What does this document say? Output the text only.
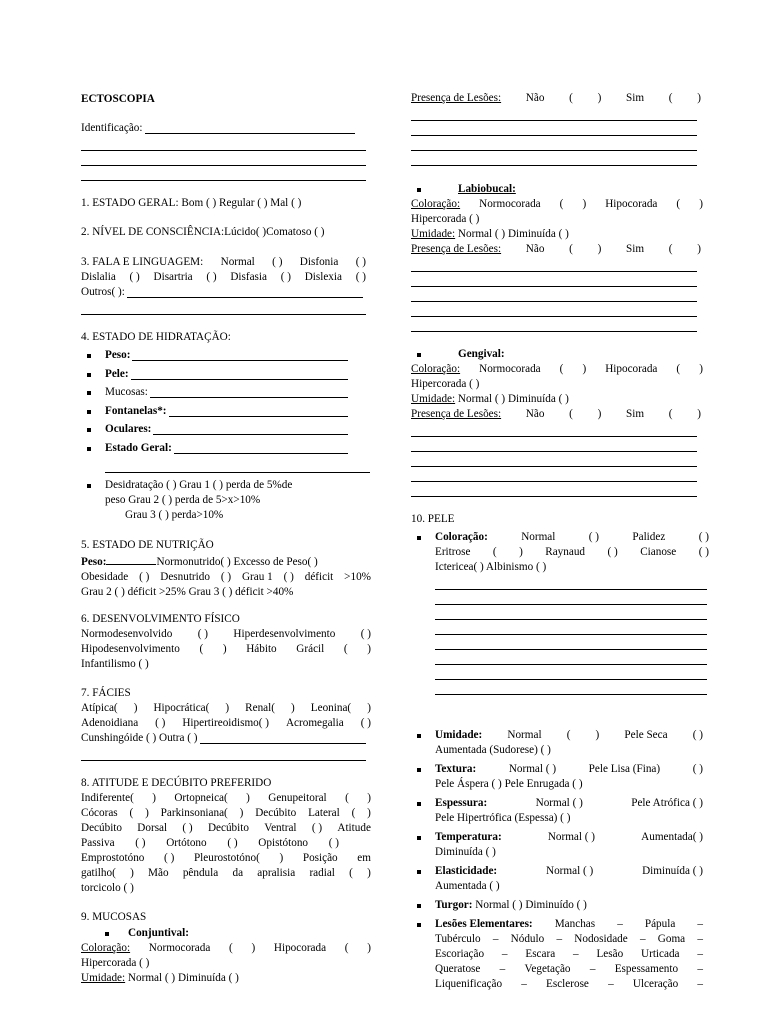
ECTOSCOPIA
Identificação:
1. ESTADO GERAL: Bom ( ) Regular ( ) Mal ( )
2. NÍVEL DE CONSCIÊNCIA:Lúcido( )Comatoso ( )
3. FALA E LINGUAGEM: Normal ( ) Disfonia ( )
Dislalia ( ) Disartria ( ) Disfasia ( ) Dislexia ( )
Outros( ):
4. ESTADO DE HIDRATAÇÃO:
Peso:
Pele:
Mucosas:
Fontanelas*:
Oculares:
Estado Geral:
Desidratação ( ) Grau 1 ( ) perda de 5%de
peso Grau 2 ( ) perda de 5>x>10%
Grau 3 ( ) perda>10%
5. ESTADO DE NUTRIÇÃO
Peso:	Normonutrido( ) Excesso de Peso( )
Obesidade ( ) Desnutrido ( ) Grau 1 ( ) déficit >10%
Grau 2 ( ) déficit >25% Grau 3 ( ) déficit >40%
6. DESENVOLVIMENTO FÍSICO
Normodesenvolvido ( ) Hiperdesenvolvimento ( )
Hipodesenvolvimento ( ) Hábito Grácil ( )
Infantilismo ( )
7. FÁCIES
Atípica( ) Hipocrática( ) Renal( ) Leonina( )
Adenoidiana ( ) Hipertireoidismo( ) Acromegalia ( )
Cunshingóide ( ) Outra ( )
8. ATITUDE E DECÚBITO PREFERIDO
Indiferente( ) Ortopneica( ) Genupeitoral ( )
Cócoras ( ) Parkinsoniana( ) Decúbito Lateral ( )
Decúbito Dorsal ( ) Decúbito Ventral ( ) Atitude
Passiva ( ) Ortótono ( ) Opistótono ( )
Emprostotóno ( ) Pleurostotóno( ) Posição em
gatilho( ) Mão pêndula da apralisia radial ( )
torcicolo ( )
9. MUCOSAS
Conjuntival:
Coloração: Normocorada ( ) Hipocorada ( )
Hipercorada ( )
Umidade: Normal ( ) Diminuída ( )
Presença de Lesões: Não ( ) Sim ( )
Labiobucal:
Coloração: Normocorada ( ) Hipocorada ( )
Hipercorada ( )
Umidade: Normal ( ) Diminuída ( )
Presença de Lesões: Não ( ) Sim ( )
Gengival:
Coloração: Normocorada ( ) Hipocorada ( )
Hipercorada ( )
Umidade: Normal ( ) Diminuída ( )
Presença de Lesões: Não ( ) Sim ( )
10. PELE
Coloração:	Normal	( )	Palidez	( )
Eritrose ( ) Raynaud ( ) Cianose ( )
Ictericea( ) Albinismo ( )
Umidade: Normal ( ) Pele Seca ( )
Aumentada (Sudorese) ( )
Textura:	Normal ( )	Pele Lisa (Fina)	( )
Pele Áspera ( ) Pele Enrugada ( )
Espessura:	Normal ( )	Pele Atrófica ( )
Pele Hipertrófica (Espessa) ( )
Temperatura:	Normal ( )	Aumentada( )
Diminuída ( )
Elasticidade:	Normal ( )	Diminuída ( )
Aumentada ( )
Turgor: Normal ( ) Diminuído ( )
Lesões Elementares: Manchas – Pápula –
Tubérculo – Nódulo – Nodosidade – Goma –
Escoriação – Escara – Lesão Urticada –
Queratose – Vegetação – Espessamento –
Liquenificação – Esclerose – Ulceração –
